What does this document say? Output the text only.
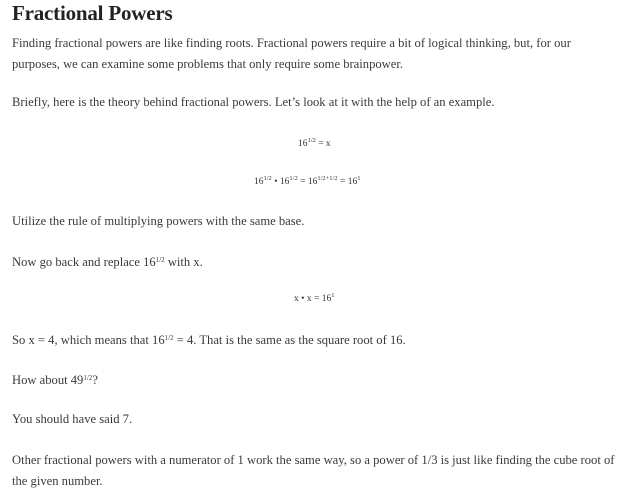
Fractional Powers

Finding fractional powers are like finding roots. Fractional powers require a bit of logical thinking, but, for our purposes, we can examine some problems that only require some brainpower.

Briefly, here is the theory behind fractional powers. Let’s look at it with the help of an example.

$16^{1/2} = x$
$16^{1/2}$ • $16^{1/2} = 16^{1/2+1/2} = 16^1$

Utilize the rule of multiplying powers with the same base.

Now go back and replace $16^{1/2}$ with x.

x • $x = 16^1$

So x = 4, which means that $16^{1/2} = 4$. That is the same as the square root of 16.

How about $49^{1/2}$?

You should have said 7.

Other fractional powers with a numerator of 1 work the same way, so a power of 1/3 is just like finding the cube root of the given number.
